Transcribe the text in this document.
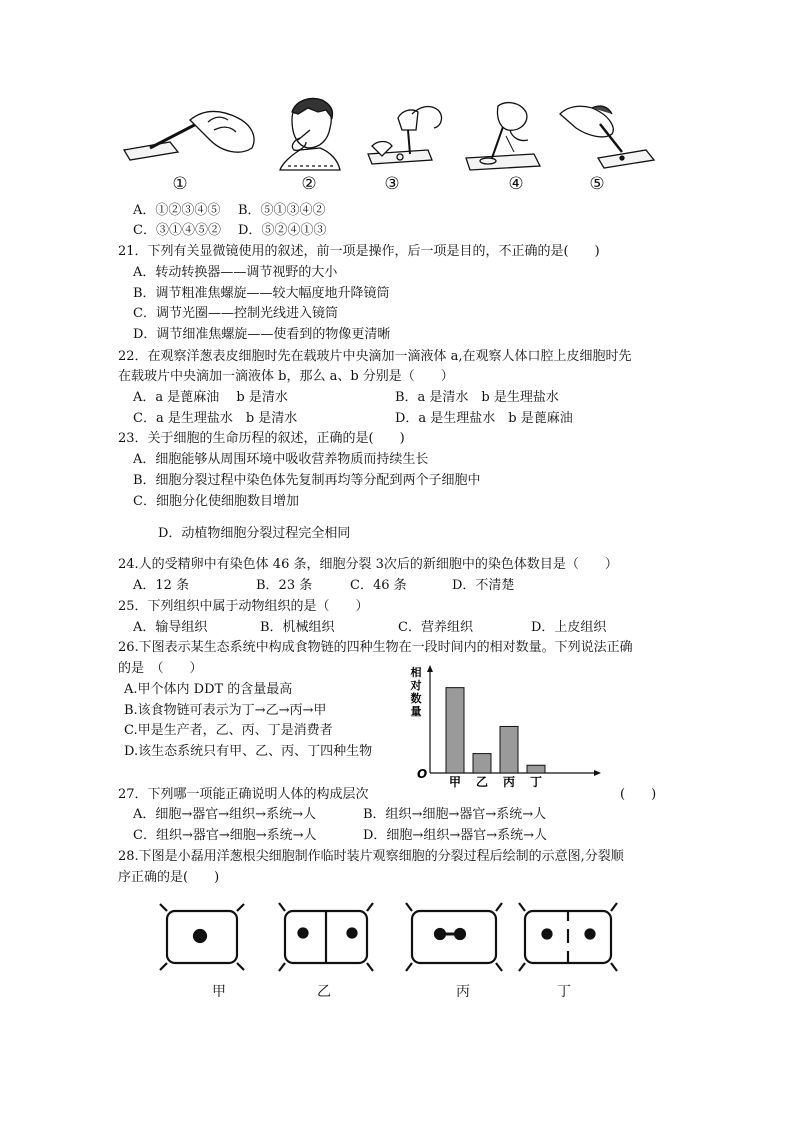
①	②	③	④	⑤
A．①②③④⑤ B．⑤①③④②
C．③①④⑤② D．⑤②④①③
21．下列有关显微镜使用的叙述，前一项是操作，后一项是目的，不正确的是(　　)
A．转动转换器——调节视野的大小
B．调节粗准焦螺旋——较大幅度地升降镜筒
C．调节光圈——控制光线进入镜筒
D．调节细准焦螺旋——使看到的物像更清晰
22．在观察洋葱表皮细胞时先在载玻片中央滴加一滴液体 a,在观察人体口腔上皮细胞时先
在载玻片中央滴加一滴液体 b，那么 a、b 分别是（　　）
A．a 是蓖麻油　 b 是清水	B．a 是清水　b 是生理盐水
C．a 是生理盐水　b 是清水	D．a 是生理盐水　b 是蓖麻油
23．关于细胞的生命历程的叙述，正确的是(　　)
A．细胞能够从周围环境中吸收营养物质而持续生长
B．细胞分裂过程中染色体先复制再均等分配到两个子细胞中
C．细胞分化使细胞数目增加
D．动植物细胞分裂过程完全相同
24.人的受精卵中有染色体 46 条，细胞分裂 3次后的新细胞中的染色体数目是（　　）
A．12 条	B．23 条	C．46 条	D．不清楚
25．下列组织中属于动物组织的是（　　）
A．输导组织	B．机械组织	C．营养组织	D．上皮组织
26.下图表示某生态系统中构成食物链的四种生物在一段时间内的相对数量。下列说法正确
的是　（　　）
A.甲个体内 DDT 的含量最高
B.该食物链可表示为丁→乙→丙→甲
C.甲是生产者，乙、丙、丁是消费者
D.该生态系统只有甲、乙、丙、丁四种生物
相
对
数
量
O
甲 乙 丙 丁
27．下列哪一项能正确说明人体的构成层次	(　　)
A．细胞→器官→组织→系统→人	B．组织→细胞→器官→系统→人
C．组织→器官→细胞→系统→人	D．细胞→组织→器官→系统→人
28.下图是小磊用洋葱根尖细胞制作临时装片观察细胞的分裂过程后绘制的示意图,分裂顺
序正确的是(　　)
甲	乙	丙	丁
